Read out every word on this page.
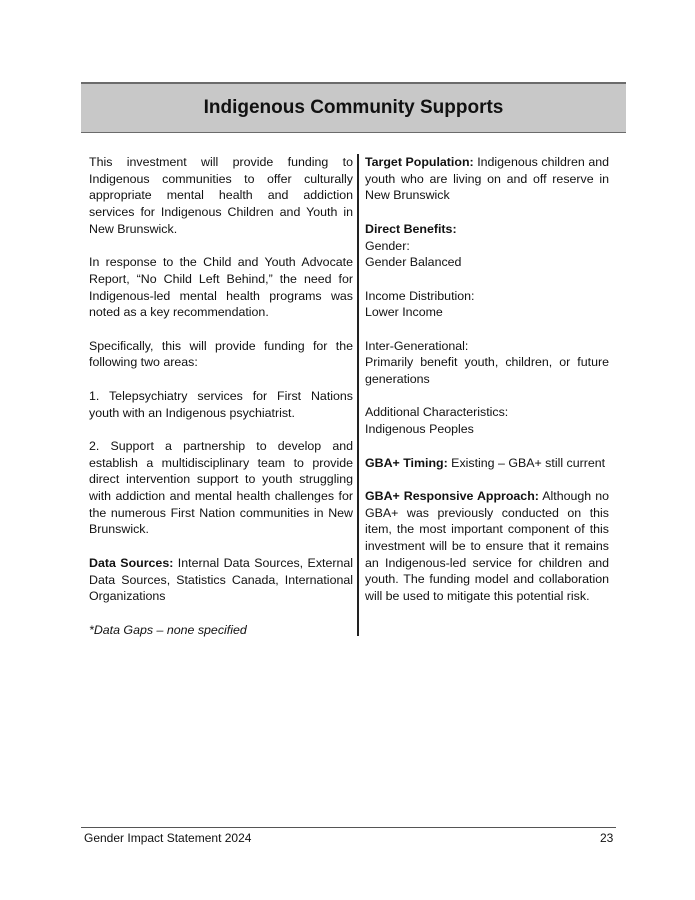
Indigenous Community Supports

This investment will provide funding to Indigenous communities to offer culturally appropriate mental health and addiction services for Indigenous Children and Youth in New Brunswick.

In response to the Child and Youth Advocate Report, “No Child Left Behind,” the need for Indigenous-led mental health programs was noted as a key recommendation.

Specifically, this will provide funding for the following two areas:

1. Telepsychiatry services for First Nations youth with an Indigenous psychiatrist.

2. Support a partnership to develop and establish a multidisciplinary team to provide direct intervention support to youth struggling with addiction and mental health challenges for the numerous First Nation communities in New Brunswick.

Data Sources: Internal Data Sources, External Data Sources, Statistics Canada, International Organizations

*Data Gaps – none specified

Target Population: Indigenous children and youth who are living on and off reserve in New Brunswick

Direct Benefits:

Gender:

Gender Balanced

Income Distribution:

Lower Income

Inter-Generational:

Primarily benefit youth, children, or future generations

Additional Characteristics:

Indigenous Peoples

GBA+ Timing: Existing – GBA+ still current

GBA+ Responsive Approach: Although no GBA+ was previously conducted on this item, the most important component of this investment will be to ensure that it remains an Indigenous-led service for children and youth. The funding model and collaboration will be used to mitigate this potential risk.

Gender Impact Statement 2024	23
